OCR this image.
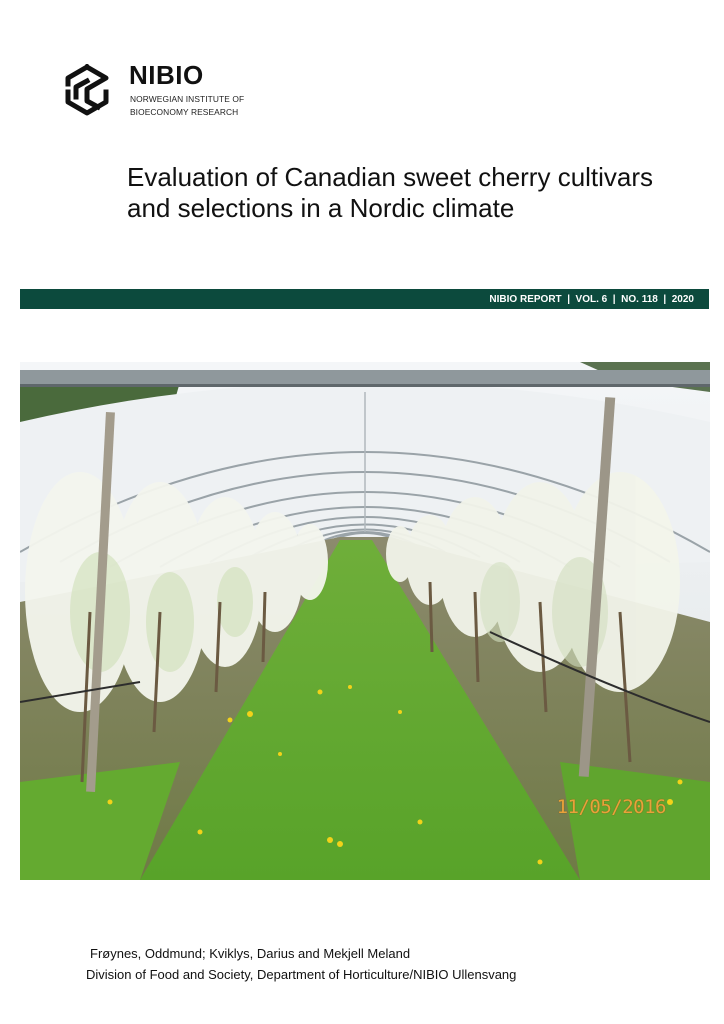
NIBIO
NORWEGIAN INSTITUTE OF
BIOECONOMY RESEARCH
Evaluation of Canadian sweet cherry cultivars
and selections in a Nordic climate
NIBIO REPORT  |  VOL. 6  |  NO. 118  |  2020
11/05/2016
Frøynes, Oddmund; Kviklys, Darius and Mekjell Meland
Division of Food and Society, Department of Horticulture/NIBIO Ullensvang
